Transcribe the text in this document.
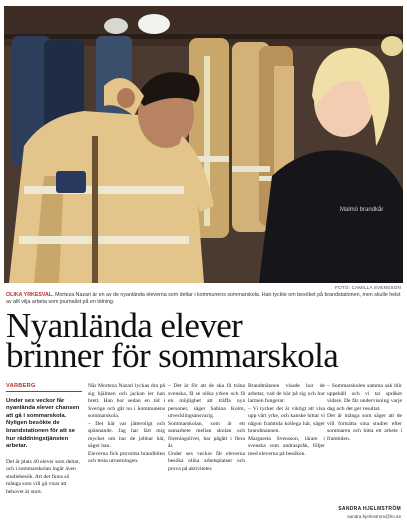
Malmö brandkår
FOTO: CAMILLA SVENSSON
OLIKA YRKESVAL. Morteza Nazari är en av de nyanlända eleverna som deltar i kommunens sommarskola. Han tyckte om besöket på brandstationen, men skulle helst av allt vilja arbeta som journalist på en tidning.
Nyanlända elever
brinner för sommarskola
VARBERG

Under sex veckor får nyanlända elever chansen att gå i sommarskola. Nyligen besökte de brandstationen för att se hur räddningstjänsten arbetar.

Det är plats 40 elever som deltar, och i sommarskolan ingår även studiebesök. Att det finns så många som vill gå visar att behovet är stort.

När Morteza Nazari lyckas dra på sig hjälmen och jackan ler han brett. Han bor sedan en tid i Sverige och går nu i kommunens sommarskola.

– Det här var jätteroligt och spännande. Jag har lärt mig mycket om hur de jobbar här, säger han.

Eleverna fick provsitta brandbilen och testa utrustningen.

– Det är för att de ska få träna svenska, få se olika yrken och få en möjlighet att träffa nya personer, säger Sabina Kolm, utvecklingsansvarig.

Sommarskolan, som är ett samarbete mellan skolan och föreningslivet, har pågått i flera år.

Under sex veckor får eleverna besöka olika arbetsplatser och prova på aktiviteter.

Brandmännen visade hur de arbetar, vad de bär på sig och hur larmen fungerar.

– Vi tycker det är viktigt att visa upp vårt yrke, och kanske hittar vi någon framtida kollega här, säger brandmannen.

Margareta Svensson, lärare i svenska som andraspråk, följer med eleverna på besöken.

– Sommarskolen samma sak blir uppehåll och vi tar språket vidare. De får undervisning varje dag och det ger resultat.

Det är många som säger att de vill fortsätta sina studier efter sommaren och hitta ett arbete i framtiden.

SANDRA HJELMSTRÖM
sandra.hjelmstrom@hn.se
